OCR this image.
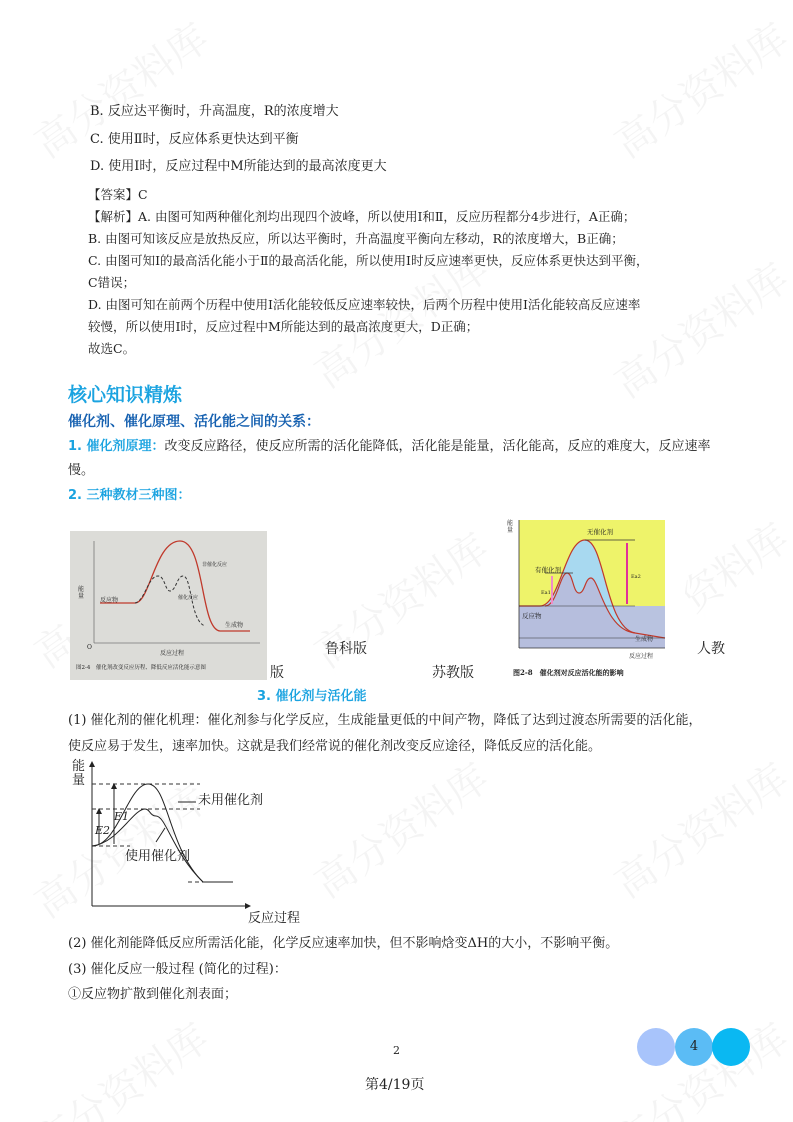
B. 反应达平衡时，升高温度，R的浓度增大
C. 使用Ⅱ时，反应体系更快达到平衡
D. 使用Ⅰ时，反应过程中M所能达到的最高浓度更大
【答案】C
【解析】A. 由图可知两种催化剂均出现四个波峰，所以使用Ⅰ和Ⅱ，反应历程都分4步进行，A正确；
B. 由图可知该反应是放热反应，所以达平衡时，升高温度平衡向左移动，R的浓度增大，B正确；
C. 由图可知Ⅰ的最高活化能小于Ⅱ的最高活化能，所以使用Ⅰ时反应速率更快，反应体系更快达到平衡，
C错误；
D. 由图可知在前两个历程中使用Ⅰ活化能较低反应速率较快，后两个历程中使用Ⅰ活化能较高反应速率
较慢，所以使用Ⅰ时，反应过程中M所能达到的最高浓度更大，D正确；
故选C。
核心知识精炼
催化剂、催化原理、活化能之间的关系：
1. 催化剂原理：改变反应路径，使反应所需的活化能降低，活化能是能量，活化能高，反应的难度大，反应速率
慢。
2. 三种教材三种图：
能量
反应物
非催化反应
催化反应
生成物
O
反应过程
图2-4　催化剂改变反应历程、降低反应活化能示意图
能量	无催化剂
有催化剂
Ea1
Ea2
反应物
生成物
反应过程
图2-8　催化剂对反应活化能的影响
鲁科版	人教
版	苏教版
3. 催化剂与活化能
(1) 催化剂的催化机理：催化剂参与化学反应，生成能量更低的中间产物，降低了达到过渡态所需要的活化能，
使反应易于发生，速率加快。这就是我们经常说的催化剂改变反应途径，降低反应的活化能。
能
量
未用催化剂
使用催化剂
E1
E2
反应过程
(2) 催化剂能降低反应所需活化能，化学反应速率加快，但不影响焓变ΔH的大小，不影响平衡。
(3) 催化反应一般过程 (简化的过程)：
①反应物扩散到催化剂表面；
2	4
第4/19页
